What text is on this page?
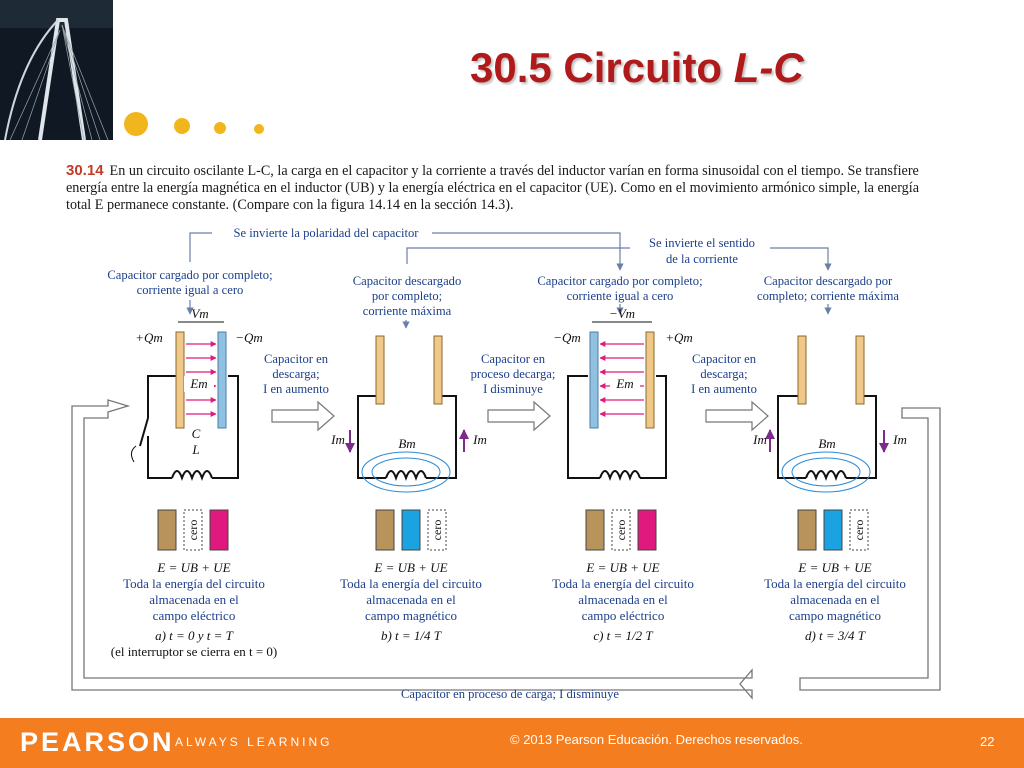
30.5 Circuito L-C
30.14 En un circuito oscilante L-C, la carga en el capacitor y la corriente a través del inductor varían en forma sinusoidal con el tiempo. Se transfiere energía entre la energía magnética en el inductor (UB) y la energía eléctrica en el capacitor (UE). Como en el movimiento armónico simple, la energía total E permanece constante. (Compare con la figura 14.14 en la sección 14.3).
Se invierte la polaridad del capacitor
Se invierte el sentido
de la corriente
Capacitor cargado por completo;
corriente igual a cero
Capacitor descargado
por completo;
corriente máxima
Capacitor cargado por completo;
corriente igual a cero
Capacitor descargado por
completo; corriente máxima
Capacitor en
descarga;
I en aumento
Capacitor en
proceso decarga;
I disminuye
Capacitor en
descarga;
I en aumento
Vm
+Qm	−Qm
Em
C
L
Im	Im
Bm
−Vm
−Qm	+Qm
Em
Im	Im
Bm
cero	cero	cero	cero
E = UB + UE
Toda la energía del circuito
almacenada en el
campo eléctrico
a) t = 0 y t = T
(el interruptor se cierra en t = 0)
E = UB + UE
Toda la energía del circuito
almacenada en el
campo magnético
b) t = 1/4 T
E = UB + UE
Toda la energía del circuito
almacenada en el
campo eléctrico
c) t = 1/2 T
E = UB + UE
Toda la energía del circuito
almacenada en el
campo magnético
d) t = 3/4 T
Capacitor en proceso de carga; I disminuye
PEARSON ALWAYS LEARNING	© 2013 Pearson Educación. Derechos reservados.	22
